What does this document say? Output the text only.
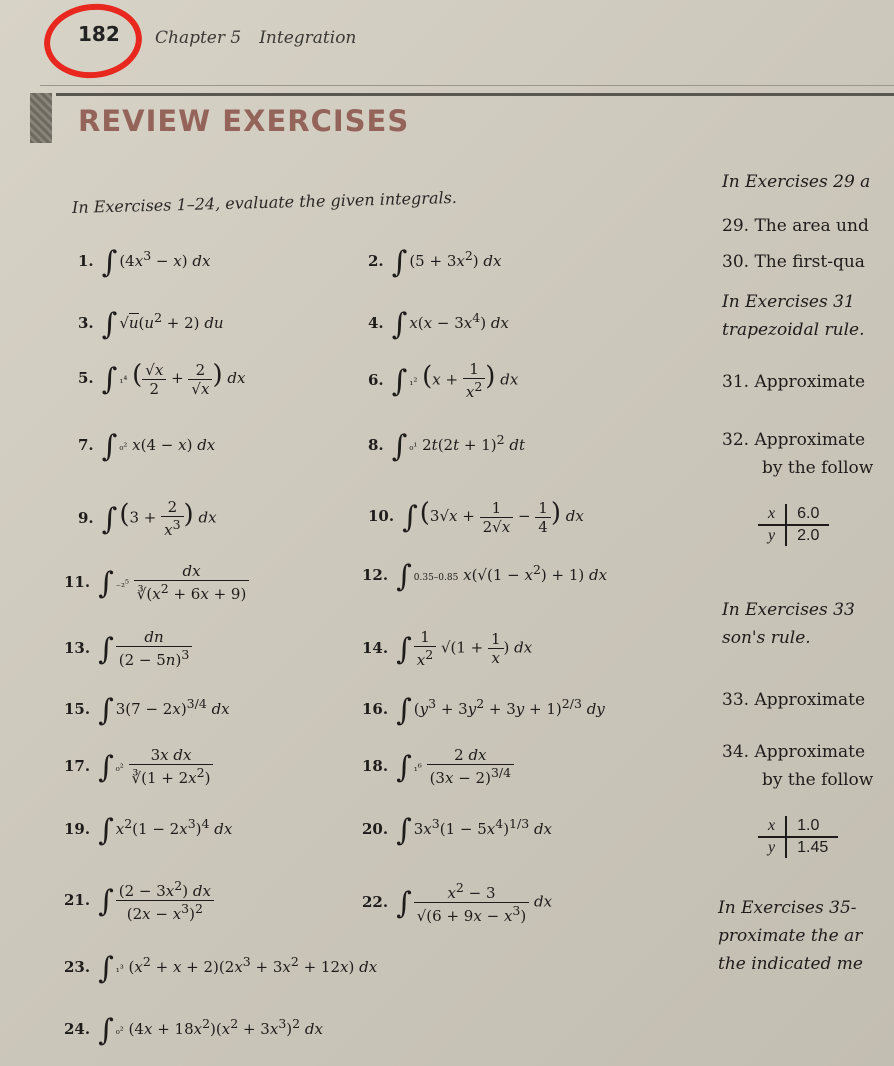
182 Chapter 5 Integration
REVIEW EXERCISES
In Exercises 1–24, evaluate the given integrals.
1. ∫ $(4x^3 - x)$ dx	2. ∫ $(5 + 3x^2)$ dx
3. ∫ $√u(u^2 + 2)$ du	4. ∫ $x(x - 3x^4)$ dx
5. ∫ ₁⁴ ( $\frac{√x}{2} + \frac{2}{√x}$ ) dx	6. ∫ ₁² ($x + \frac{1}{x^2}$ ) dx
7. ∫ ₀² x(4 − x) dx	8. ∫ ₀¹ $2t(2t + 1)^2$ dt
9. $\int(3 + \frac{2}{x^3}$ ) dx	10. $\int(3√x + \frac{1}{2√x} - \frac{1}{4}$ ) dx
11. ∫ $_{-2}^5 \frac{dx}{∛(x^2 + 6x + 9)}$	12. ∫ 0.35–0.85 $x(√(1 - x^2) + 1)$ dx
13. ∫ $\frac{dn}{(2 - 5n)^3}$	14. ∫ $\frac{1}{x^2} √(1 + \frac{1}{x}$ ) dx
15. ∫ $3(7 - 2x)^{3/4}$ dx	16. ∫ $(y^3 + 3y^2 + 3y + 1)^{2/3}$ dy
17. ∫ $_0^2 \frac{\text{3x dx}}{∛(1 + 2x^2)}$	18. ∫ $_1^6 \frac{2 dx}{(3x - 2)^{3/4}}$
19. ∫ $x^2(1 - 2x^3)^4$ dx	20. ∫ $3x^3(1 - 5x^4)^{1/3}$ dx
21. ∫ $\frac{(2 - 3x^2) dx}{(2x - x^3)^2}$	22. ∫ $\frac{x^2 - 3}{√(6 + 9x - x^3)}$ dx
23. ∫ ₁³ $(x^2 + x + 2)(2x^3 + 3x^2 + 12x)$ dx
24. ∫ ₀² $(4x + 18x^2)(x^2 + 3x^3)^2$ dx
In Exercises 29 a
29. The area und
30. The first-qua
In Exercises 31
trapezoidal rule.
31. Approximate
32. Approximate
by the follow
x	6.0
y	2.0
In Exercises 33
son's rule.
33. Approximate
34. Approximate
by the follow
x	1.0
y	1.45
In Exercises 35-
proximate the ar
the indicated me
